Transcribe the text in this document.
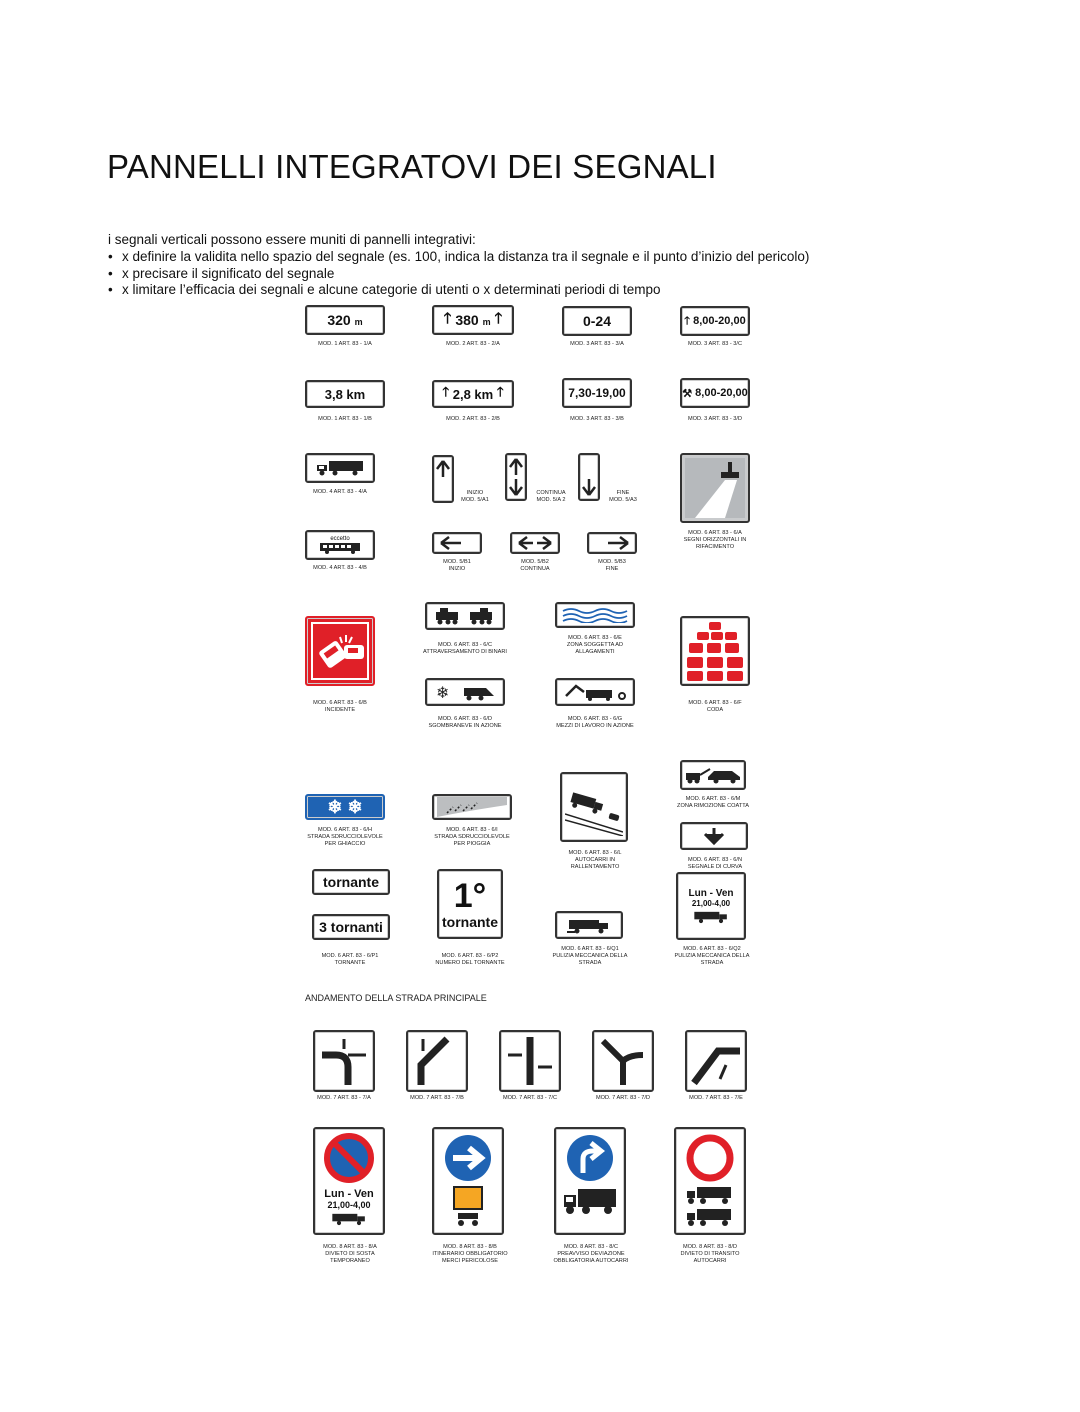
PANNELLI INTEGRATOVI DEI SEGNALI
i segnali verticali possono essere muniti di pannelli integrativi:
• x definire la validita nello spazio del segnale (es. 100, indica la distanza tra il segnale e il punto d’inizio del pericolo)
• x precisare il significato del segnale
• x limitare l’efficacia dei segnali e alcune categorie di utenti o x determinati periodi di tempo
320
m
MOD. 1 ART. 83 - 1/A
🡑
380
m
🡑
MOD. 2 ART. 83 - 2/A
0-24
MOD. 3 ART. 83 - 3/A
🡑
8,00-20,00
MOD. 3 ART. 83 - 3/C
3,8 km
MOD. 1 ART. 83 - 1/B
🡑
2,8 km
🡑
MOD. 2 ART. 83 - 2/B
7,30-19,00
MOD. 3 ART. 83 - 3/B
⚒
8,00-20,00
MOD. 3 ART. 83 - 3/D
MOD. 4 ART. 83 - 4/A	INIZIO
MOD. 5/A1
CONTINUA
MOD. 5/A 2
FINE
MOD. 5/A3
MOD. 6 ART. 83 - 6/A
SEGNI ORIZZONTALI IN
RIFACIMENTO
eccetto
MOD. 4 ART. 83 - 4/B
MOD. 5/B1
INIZIO
MOD. 5/B2
CONTINUA
MOD. 5/B3
FINE
MOD. 6 ART. 83 - 6/B
INCIDENTE
MOD. 6 ART. 83 - 6/C
ATTRAVERSAMENTO DI BINARI
MOD. 6 ART. 83 - 6/E
ZONA SOGGETTA AD
ALLAGAMENTI
MOD. 6 ART. 83 - 6/F
CODA
❄
MOD. 6 ART. 83 - 6/D
SGOMBRANEVE IN AZIONE
MOD. 6 ART. 83 - 6/G
MEZZI DI LAVORO IN AZIONE
❄ ❄
MOD. 6 ART. 83 - 6/H
STRADA SDRUCCIOLEVOLE
PER GHIACCIO
MOD. 6 ART. 83 - 6/I
STRADA SDRUCCIOLEVOLE
PER PIOGGIA
MOD. 6 ART. 83 - 6/L
AUTOCARRI IN
RALLENTAMENTO
MOD. 6 ART. 83 - 6/M
ZONA RIMOZIONE COATTA
MOD. 6 ART. 83 - 6/N
SEGNALE DI CURVA
tornante
3 tornanti
MOD. 6 ART. 83 - 6/P1
TORNANTE
1°
tornante
MOD. 6 ART. 83 - 6/P2
NUMERO DEL TORNANTE
MOD. 6 ART. 83 - 6/Q1
PULIZIA MECCANICA DELLA
STRADA
Lun - Ven
21,00-4,00
MOD. 6 ART. 83 - 6/Q2
PULIZIA MECCANICA DELLA
STRADA
ANDAMENTO DELLA STRADA PRINCIPALE
MOD. 7 ART. 83 - 7/A	MOD. 7 ART. 83 - 7/B	MOD. 7 ART. 83 - 7/C	MOD. 7 ART. 83 - 7/D	MOD. 7 ART. 83 - 7/E
Lun - Ven
21,00-4,00
MOD. 8 ART. 83 - 8/A
DIVIETO DI SOSTA
TEMPORANEO
MOD. 8 ART. 83 - 8/B
ITINERARIO OBBLIGATORIO
MERCI PERICOLOSE
MOD. 8 ART. 83 - 8/C
PREAVVISO DEVIAZIONE
OBBLIGATORIA AUTOCARRI
MOD. 8 ART. 83 - 8/D
DIVIETO DI TRANSITO
AUTOCARRI
